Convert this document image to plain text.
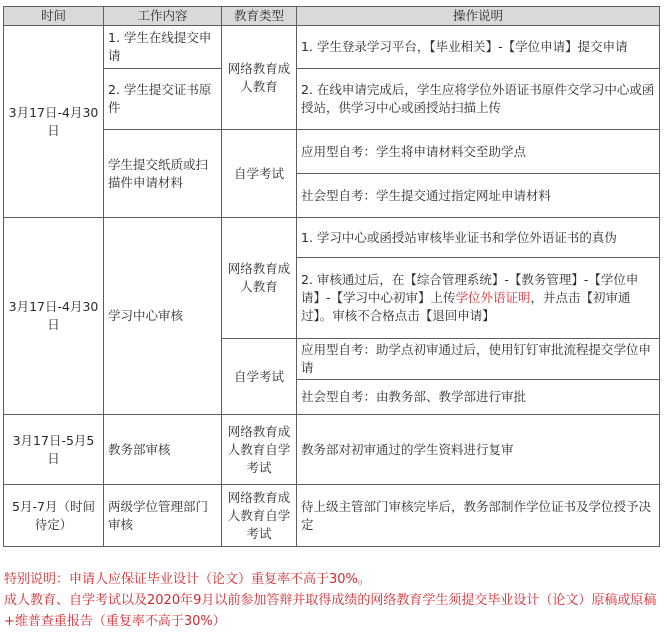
时间	工作内容	教育类型	操作说明
3月17日-4月30日	1. 学生在线提交申请	网络教育成人教育	1. 学生登录学习平台，【毕业相关】-【学位申请】提交申请
	2. 学生提交证书原件		2. 在线申请完成后，学生应将学位外语证书原件交学习中心或函授站，供学习中心或函授站扫描上传
	学生提交纸质或扫描件申请材料	自学考试	应用型自考：学生将申请材料交至助学点
			社会型自考：学生提交通过指定网址申请材料
3月17日-4月30日	学习中心审核	网络教育成人教育	1. 学习中心或函授站审核毕业证书和学位外语证书的真伪
			2. 审核通过后，在【综合管理系统】-【教务管理】-【学位申请】-【学习中心初审】上传学位外语证明，并点击【初审通过】。审核不合格点击【退回申请】
		自学考试	应用型自考：助学点初审通过后，使用钉钉审批流程提交学位申请
			社会型自考：由教务部、教学部进行审批
3月17日-5月5日	教务部审核	网络教育成人教育自学考试	教务部对初审通过的学生资料进行复审
5月-7月（时间待定）	两级学位管理部门审核	网络教育成人教育自学考试	待上级主管部门审核完毕后，教务部制作学位证书及学位授予决定
特别说明：申请人应保证毕业设计（论文）重复率不高于30%。
成人教育、自学考试以及2020年9月以前参加答辩并取得成绩的网络教育学生须提交毕业设计（论文）原稿或原稿+维普查重报告（重复率不高于30%）
